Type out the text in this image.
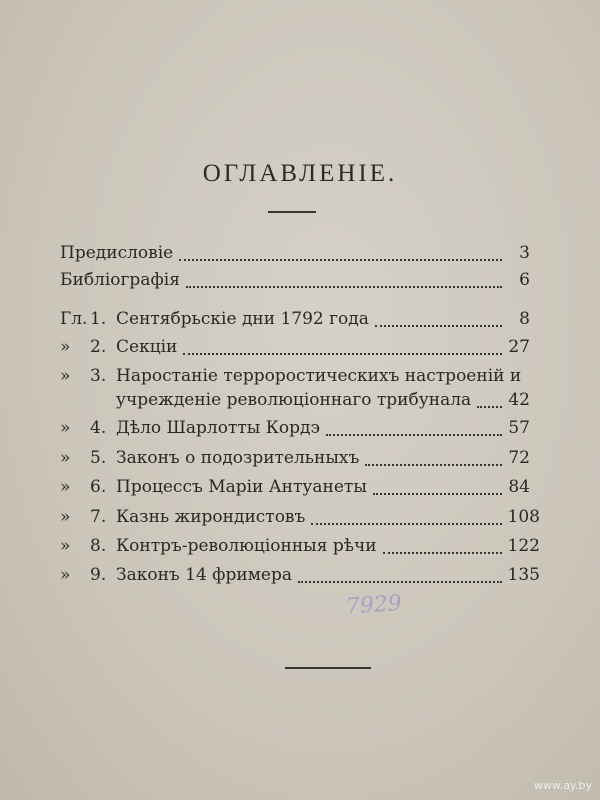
ОГЛАВЛЕНІЕ.
Предисловіе	3
Библіографія	6
Гл. 1. Сентябрьскіе дни 1792 года	8
»	2. Секціи	27
»	3. Наростаніе террорoстическихъ настроеній и
учрежденіе революціоннаго трибунала 42
»	4. Дѣло Шарлотты Кордэ	57
»	5. Законъ о подозрительныхъ	72
»	6. Процессъ Маріи Антуанеты	84
»	7. Казнь жирондистовъ	108
»	8. Контръ-революціонныя рѣчи	122
»	9. Законъ 14 фримера	135
7929
www.ay.by
